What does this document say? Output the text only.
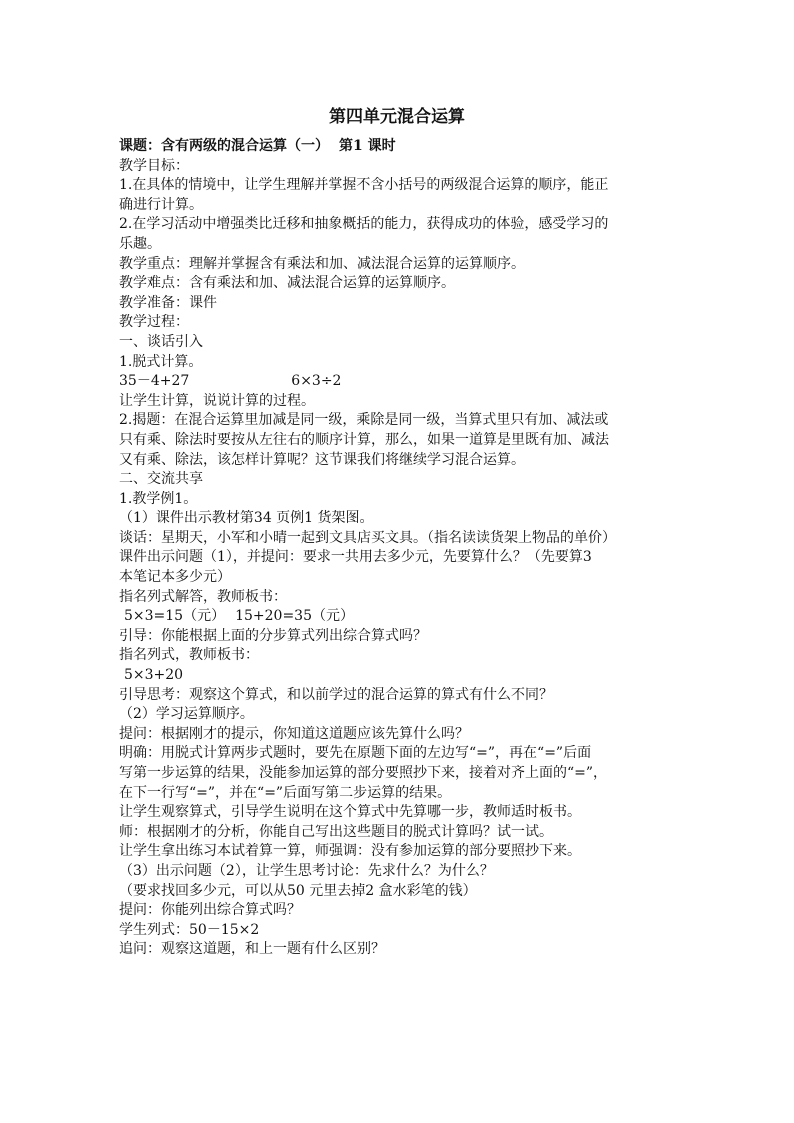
第四单元混合运算
课题：含有两级的混合运算（一） 第1 课时
教学目标：
1.在具体的情境中，让学生理解并掌握不含小括号的两级混合运算的顺序，能正
确进行计算。
2.在学习活动中增强类比迁移和抽象概括的能力，获得成功的体验，感受学习的
乐趣。
教学重点：理解并掌握含有乘法和加、减法混合运算的运算顺序。
教学难点：含有乘法和加、减法混合运算的运算顺序。
教学准备：课件
教学过程：
一、谈话引入
1.脱式计算。
35－4+27	6×3÷2
让学生计算，说说计算的过程。
2.揭题：在混合运算里加减是同一级，乘除是同一级，当算式里只有加、减法或
只有乘、除法时要按从左往右的顺序计算，那么，如果一道算是里既有加、减法
又有乘、除法，该怎样计算呢？这节课我们将继续学习混合运算。
二、交流共享
1.教学例1。
（1）课件出示教材第34 页例1 货架图。
谈话：星期天，小军和小晴一起到文具店买文具。（指名读读货架上物品的单价）
课件出示问题（1），并提问：要求一共用去多少元，先要算什么？（先要算3
本笔记本多少元）
指名列式解答，教师板书：
5×3=15（元） 15+20=35（元）
引导：你能根据上面的分步算式列出综合算式吗？
指名列式，教师板书：
5×3+20
引导思考：观察这个算式，和以前学过的混合运算的算式有什么不同？
（2）学习运算顺序。
提问：根据刚才的提示，你知道这道题应该先算什么吗？
明确：用脱式计算两步式题时，要先在原题下面的左边写“=”，再在“=”后面
写第一步运算的结果，没能参加运算的部分要照抄下来，接着对齐上面的“=”，
在下一行写“=”，并在“=”后面写第二步运算的结果。
让学生观察算式，引导学生说明在这个算式中先算哪一步，教师适时板书。
师：根据刚才的分析，你能自己写出这些题目的脱式计算吗？试一试。
让学生拿出练习本试着算一算，师强调：没有参加运算的部分要照抄下来。
（3）出示问题（2），让学生思考讨论：先求什么？为什么？
（要求找回多少元，可以从50 元里去掉2 盒水彩笔的钱）
提问：你能列出综合算式吗？
学生列式：50－15×2
追问：观察这道题，和上一题有什么区别？
